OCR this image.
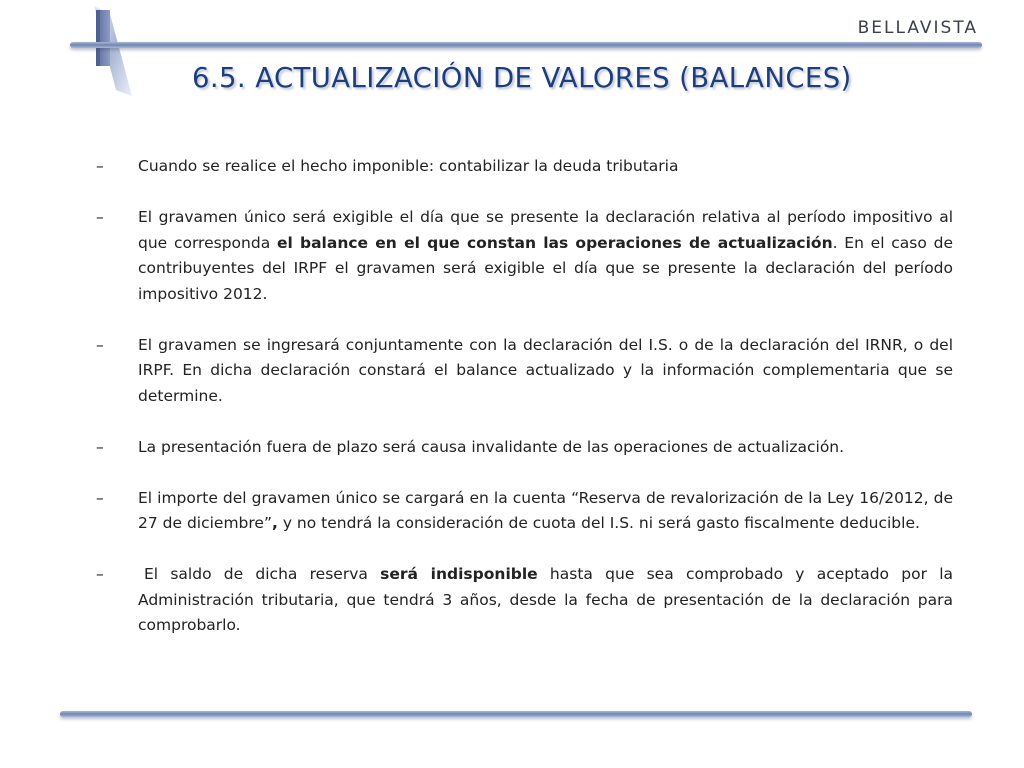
BELLAVISTA
6.5. ACTUALIZACIÓN DE VALORES (BALANCES)
– Cuando se realice el hecho imponible: contabilizar la deuda tributaria
– El gravamen único será exigible el día que se presente la declaración relativa al período impositivo al que corresponda el balance en el que constan las operaciones de actualización. En el caso de contribuyentes del IRPF el gravamen será exigible el día que se presente la declaración del período impositivo 2012.
– El gravamen se ingresará conjuntamente con la declaración del I.S. o de la declaración del IRNR, o del IRPF. En dicha declaración constará el balance actualizado y la información complementaria que se determine.
– La presentación fuera de plazo será causa invalidante de las operaciones de actualización.
– El importe del gravamen único se cargará en la cuenta “Reserva de revalorización de la Ley 16/2012, de 27 de diciembre”, y no tendrá la consideración de cuota del I.S. ni será gasto fiscalmente deducible.
–	El saldo de dicha reserva será indisponible hasta que sea comprobado y aceptado por la Administración tributaria, que tendrá 3 años, desde la fecha de presentación de la declaración para comprobarlo.
